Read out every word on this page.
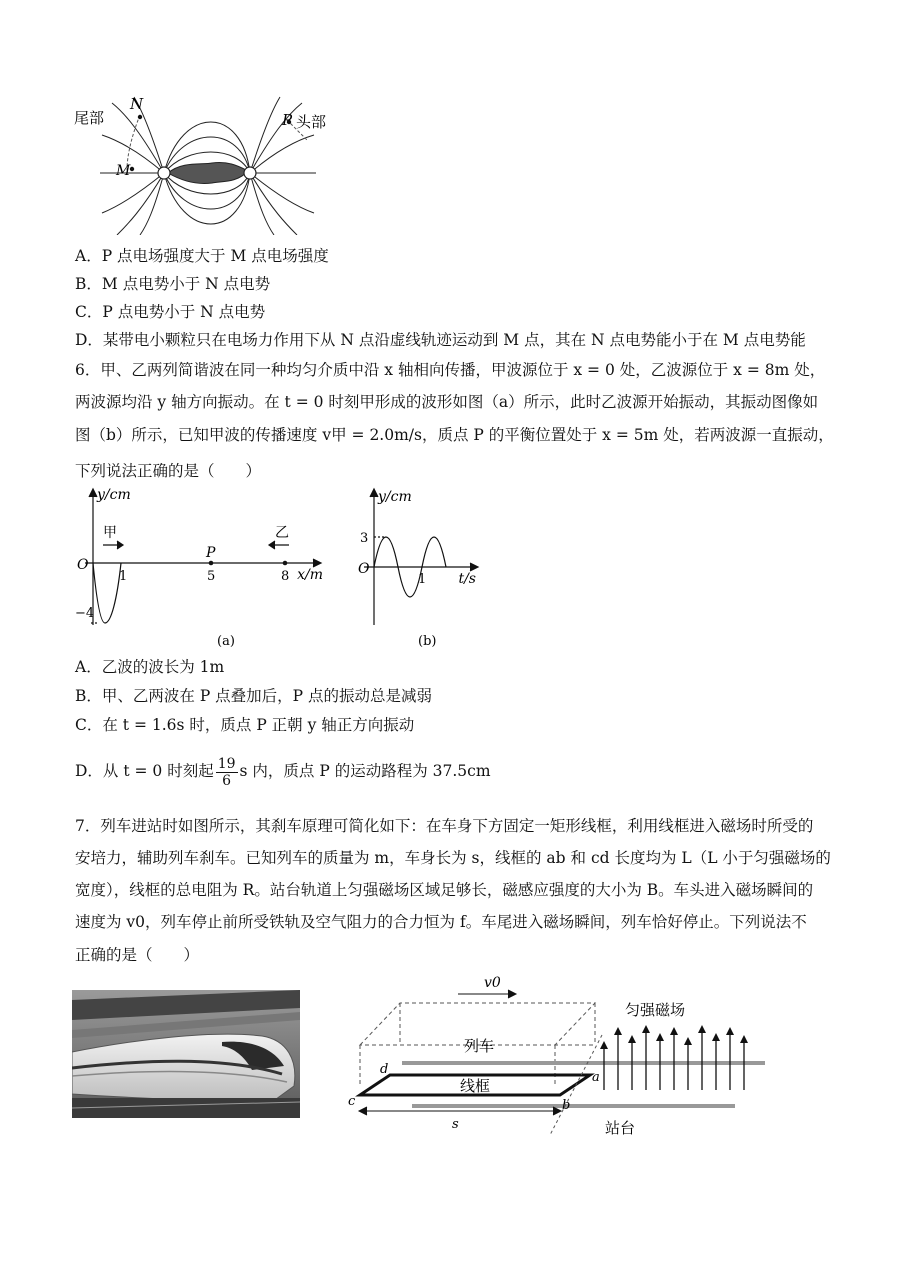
尾部
N
M
P 头部
A．P 点电场强度大于 M 点电场强度
B．M 点电势小于 N 点电势
C．P 点电势小于 N 点电势
D．某带电小颗粒只在电场力作用下从 N 点沿虚线轨迹运动到 M 点，其在 N 点电势能小于在 M 点电势能
6．甲、乙两列简谐波在同一种均匀介质中沿 x 轴相向传播，甲波源位于 x = 0 处，乙波源位于 x = 8m 处，
两波源均沿 y 轴方向振动。在 t = 0 时刻甲形成的波形如图（a）所示，此时乙波源开始振动，其振动图像如
图（b）所示，已知甲波的传播速度 v甲 = 2.0m/s，质点 P 的平衡位置处于 x = 5m 处，若两波源一直振动，
下列说法正确的是（　　）
y/cm
x/m
O
甲	乙
P
1	5	8
−4
(a)
y/cm
t/s
O
3
1
(b)
A．乙波的波长为 1m
B．甲、乙两波在 P 点叠加后，P 点的振动总是减弱
C．在 t = 1.6s 时，质点 P 正朝 y 轴正方向振动
D．从 t = 0 时刻起 $\frac{19}{6}$ s 内，质点 P 的运动路程为 37.5cm
7．列车进站时如图所示，其刹车原理可简化如下：在车身下方固定一矩形线框，利用线框进入磁场时所受的
安培力，辅助列车刹车。已知列车的质量为 m，车身长为 s，线框的 ab 和 cd 长度均为 L（L 小于匀强磁场的
宽度），线框的总电阻为 R。站台轨道上匀强磁场区域足够长，磁感应强度的大小为 B。车头进入磁场瞬间的
速度为 v0，列车停止前所受铁轨及空气阻力的合力恒为 f。车尾进入磁场瞬间，列车恰好停止。下列说法不
正确的是（　　）
v0
匀强磁场
列车
线框
站台
a
b
c
d
s
